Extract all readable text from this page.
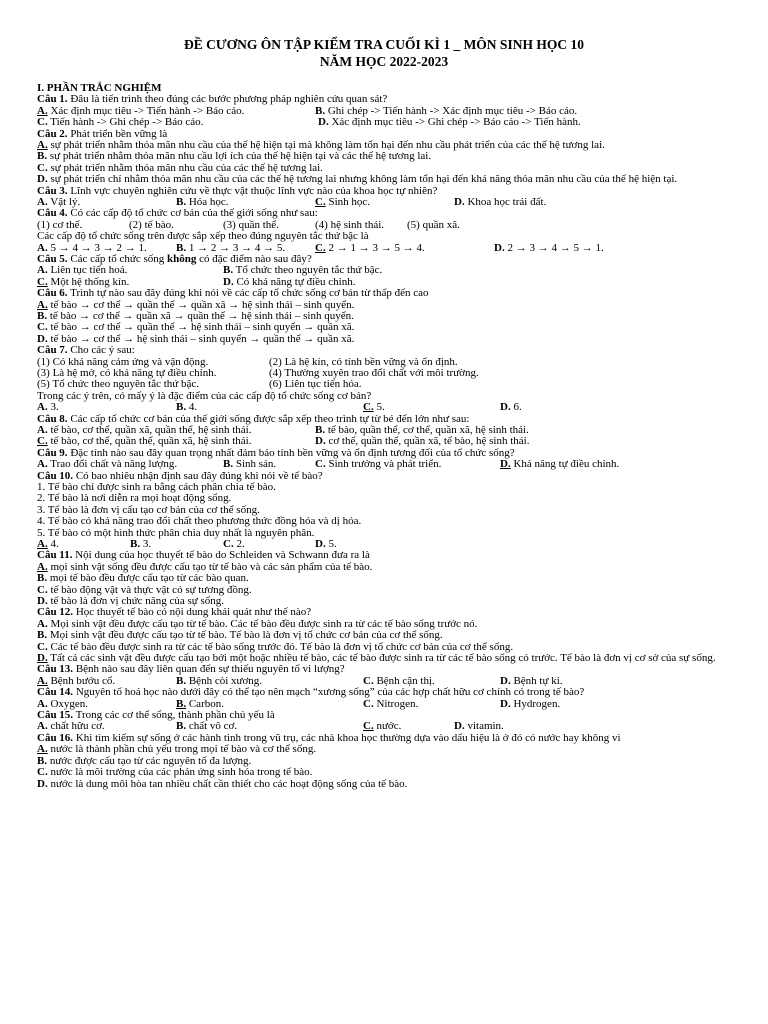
ĐỀ CƯƠNG ÔN TẬP KIỂM TRA CUỐI KÌ 1 _ MÔN SINH HỌC 10
NĂM HỌC 2022-2023
I. PHẦN TRẮC NGHIỆM
Câu 1. Đâu là tiến trình theo đúng các bước phương pháp nghiên cứu quan sát?
A. Xác định mục tiêu -> Tiến hành -> Báo cáo.	B. Ghi chép -> Tiến hành -> Xác định mục tiêu -> Báo cáo.
C. Tiến hành -> Ghi chép -> Báo cáo.	D. Xác định mục tiêu -> Ghi chép -> Báo cáo -> Tiến hành.
Câu 2. Phát triển bền vững là
A. sự phát triển nhằm thỏa mãn nhu cầu của thế hệ hiện tại mà không làm tổn hại đến nhu cầu phát triển của các thế hệ tương lai.
B. sự phát triển nhằm thỏa mãn nhu cầu lợi ích của thế hệ hiện tại và các thế hệ tương lai.
C. sự phát triển nhằm thỏa mãn nhu cầu của các thế hệ tương lai.
D. sự phát triển chỉ nhằm thỏa mãn nhu cầu của các thế hệ tương lai nhưng không làm tổn hại đến khả năng thỏa mãn nhu cầu của thế hệ hiện tại.
Câu 3. Lĩnh vực chuyên nghiên cứu về thực vật thuộc lĩnh vực nào của khoa học tự nhiên?
A. Vật lý.	B. Hóa học.	C. Sinh học.	D. Khoa học trái đất.
Câu 4. Có các cấp độ tổ chức cơ bản của thế giới sống như sau:
(1) cơ thể.	(2) tế bào.	(3) quần thể.	(4) hệ sinh thái. (5) quần xã.
Các cấp độ tổ chức sống trên được sắp xếp theo đúng nguyên tắc thứ bậc là
A. 5 → 4 → 3 → 2 → 1.	B. 1 → 2 → 3 → 4 → 5.	C. 2 → 1 → 3 → 5 → 4.	D. 2 → 3 → 4 → 5 → 1.
Câu 5. Các cấp tổ chức sống không có đặc điểm nào sau đây?
A. Liên tục tiến hoá.	B. Tổ chức theo nguyên tắc thứ bậc.
C. Một hệ thống kín.	D. Có khả năng tự điều chỉnh.
Câu 6. Trình tự nào sau đây đúng khi nói về các cấp tổ chức sống cơ bản từ thấp đến cao
A. tế bào → cơ thể → quần thể → quần xã → hệ sinh thái – sinh quyển.
B. tế bào → cơ thể → quần xã → quần thể → hệ sinh thái – sinh quyển.
C. tế bào → cơ thể → quần thể → hệ sinh thái – sinh quyển → quần xã.
D. tế bào → cơ thể → hệ sinh thái – sinh quyển → quần thể → quần xã.
Câu 7. Cho các ý sau:
(1) Có khả năng cảm ứng và vận động.	(2) Là hệ kín, có tính bền vững và ổn định.
(3) Là hệ mở, có khả năng tự điều chỉnh.	(4) Thường xuyên trao đổi chất với môi trường.
(5) Tổ chức theo nguyên tắc thứ bậc.	(6) Liên tục tiến hóa.
Trong các ý trên, có mấy ý là đặc điểm của các cấp độ tổ chức sống cơ bản?
A. 3.	B. 4.	C. 5.	D. 6.
Câu 8. Các cấp tổ chức cơ bản của thế giới sống được sắp xếp theo trình tự từ bé đến lớn như sau:
A. tế bào, cơ thể, quần xã, quần thể, hệ sinh thái.	B. tế bào, quần thể, cơ thể, quần xã, hệ sinh thái.
C. tế bào, cơ thể, quần thể, quần xã, hệ sinh thái.	D. cơ thể, quần thể, quần xã, tế bào, hệ sinh thái.
Câu 9. Đặc tính nào sau đây quan trọng nhất đảm bảo tính bền vững và ổn định tương đối của tổ chức sống?
A. Trao đổi chất và năng lượng.	B. Sinh sản.	C. Sinh trưởng và phát triển.	D. Khả năng tự điều chỉnh.
Câu 10. Có bao nhiêu nhận định sau đây đúng khi nói về tế bào?
1. Tế bào chỉ được sinh ra bằng cách phân chia tế bào.
2. Tế bào là nơi diễn ra mọi hoạt động sống.
3. Tế bào là đơn vị cấu tạo cơ bản của cơ thể sống.
4. Tế bào có khả năng trao đổi chất theo phương thức đồng hóa và dị hóa.
5. Tế bào có một hình thức phân chia duy nhất là nguyên phân.
A. 4.	B. 3.	C. 2.	D. 5.
Câu 11. Nội dung của học thuyết tế bào do Schleiden và Schwann đưa ra là
A. mọi sinh vật sống đều được cấu tạo từ tế bào và các sản phẩm của tế bào.
B. mọi tế bào đều được cấu tạo từ các bào quan.
C. tế bào động vật và thực vật có sự tương đồng.
D. tế bào là đơn vị chức năng của sự sống.
Câu 12. Học thuyết tế bào có nội dung khái quát như thế nào?
A. Mọi sinh vật đều được cấu tạo từ tế bào. Các tế bào đều được sinh ra từ các tế bào sống trước nó.
B. Mọi sinh vật đều được cấu tạo từ tế bào. Tế bào là đơn vị tổ chức cơ bản của cơ thể sống.
C. Các tế bào đều được sinh ra từ các tế bào sống trước đó. Tế bào là đơn vị tổ chức cơ bản của cơ thể sống.
D. Tất cả các sinh vật đều được cấu tạo bởi một hoặc nhiều tế bào, các tế bào được sinh ra từ các tế bào sống có trước. Tế bào là đơn vị cơ sở của sự sống.
Câu 13. Bệnh nào sau đây liên quan đến sự thiếu nguyên tố vi lượng?
A. Bệnh bướu cổ.	B. Bệnh còi xương.	C. Bệnh cận thị.	D. Bệnh tự kỉ.
Câu 14. Nguyên tố hoá học nào dưới đây có thể tạo nên mạch “xương sống” của các hợp chất hữu cơ chính có trong tế bào?
A. Oxygen.	B. Carbon.	C. Nitrogen.	D. Hydrogen.
Câu 15. Trong các cơ thể sống, thành phần chủ yếu là
A. chất hữu cơ.	B. chất vô cơ.	C. nước.	D. vitamin.
Câu 16. Khi tìm kiếm sự sống ở các hành tinh trong vũ trụ, các nhà khoa học thường dựa vào dấu hiệu là ở đó có nước hay không vì
A. nước là thành phần chủ yếu trong mọi tế bào và cơ thể sống.
B. nước được cấu tạo từ các nguyên tố đa lượng.
C. nước là môi trường của các phản ứng sinh hóa trong tế bào.
D. nước là dung môi hòa tan nhiều chất cần thiết cho các hoạt động sống của tế bào.
